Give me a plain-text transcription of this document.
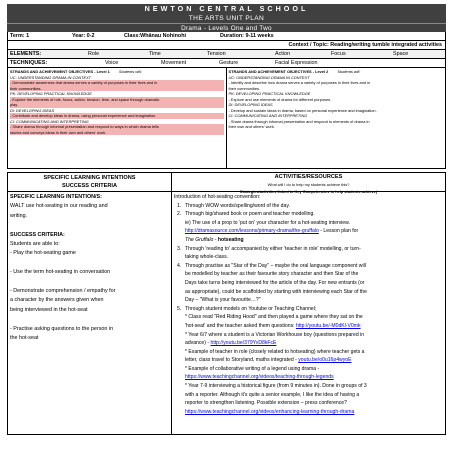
NEWTON CENTRAL SCHOOL
THE ARTS UNIT PLAN
Drama - Levels One and Two
Term: 1	Year: 0-2	Class:Whānau Nohinohi	Duration: 9-11 weeks
Context / Topic: Reading/writing tumble integrated activities
ELEMENTS:	Role	Time	Tension	Action	Focus	Space
TECHNIQUES:	Voice	Movement	Gesture	Facial Expression
STRANDS AND ACHIEVEMENT OBJECTIVES - Level 1 Students will:
UC: UNDERSTANDING DRAMA IN CONTEXT
- Demonstrate awareness that drama serves a variety of purposes in their lives and in
their communities.
PK: DEVELOPING PRACTICAL KNOWLEDGE
- Explore the elements of role, focus, action, tension, time, and space through dramatic
play.
DI: DEVELOPING IDEAS
- Contribute and develop ideas in drama, using personal experience and imagination.
CI: COMMUNICATING AND INTERPRETING
- Share drama through informal presentation and respond to ways in which drama tells
stories and conveys ideas in their own and others' work.
STRANDS AND ACHIEVEMENT OBJECTIVES - Level 2 Students will:
UC: UNDERSTANDING DRAMA IN CONTEXT
- Identify and describe how drama serves a variety of purposes in their lives and in
their communities.
PK: DEVELOPING PRACTICAL KNOWLEDGE
- Explore and use elements of drama for different purposes.
DI: DEVELOPING IDEAS
- Develop and sustain ideas in drama, based on personal experience and imagination.
CI: COMMUNICATING AND INTERPRETING
- Share drama through informal presentation and respond to elements of drama in
their own and others' work.
SPECIFIC LEARNING INTENTIONS
SUCCESS CRITERIA
ACTIVITIES/RESOURCES
What will I do to help my students achieve this?
Strategies/activities linked to Key Competencies to help students achieve)
SPECIFIC LEARNING INTENTION/S:
WALT use hot-seating in our reading and
writing.
SUCCESS CRITERIA:
Students are able to:
- Play the hot-seating game
- Use the term hot-seating in conversation
- Demonstrate comprehension / empathy for
a character by the answers given when
being interviewed in the hot-seat
- Practise asking questions to the person in
the hot-seat
Introduction of hot-seating convention:
1. Through WOW words/spelling/word of the day.
2. Through big/shared book or poem and teacher modelling.
ie) The use of a prop to 'put on' your character for a hot-seating interview.
http://dramasource.com/lessons/primary-drama/the-gruffalo - Lesson plan for
The Gruffalo - hotseating
3. Through 'reading to' accompanied by either 'teacher in role' modelling, or turn-
taking whole-class.
4. Through practise as "Star of the Day" – maybe the oral language component will
be modelled by teacher as their favourite story character and then Star of the
Days take turns being interviewed for the article of the day. For new entrants (or
as appropriate), could be scaffolded by starting with interviewing each Star of the
Day – "What is your favourite…?"
5. Through student models on Youtube or Teaching Channel;
* Class read "Red Riding Hood" and then played a game where they sat on the
'hot-seat' and the teacher asked them questions: http://youtu.be/-M0dKl-V0mk
* Year 6/7 where a student is a Victorian Workhouse boy (questions prepared in
advance) - http://youtu.be/379YvD8kFcE
* Example of teacher in role (closely related to hotseating) where teacher gets a
letter, class travel to Storyland, maths integrated - youtu.be/o0u16p4wyoE
* Example of collaborative writing of a legend using drama -
https://www.teachingchannel.org/videos/teaching-through-legends
* Year 7-9 interviewing a historical figure (from 9 minutes in). Done in groups of 3
with a reporter. Although it's quite a senior example, I like the idea of having a
reporter to strengthen listening. Possible extension – press conference?
https://www.teachingchannel.org/videos/enhancing-learning-through-drama
